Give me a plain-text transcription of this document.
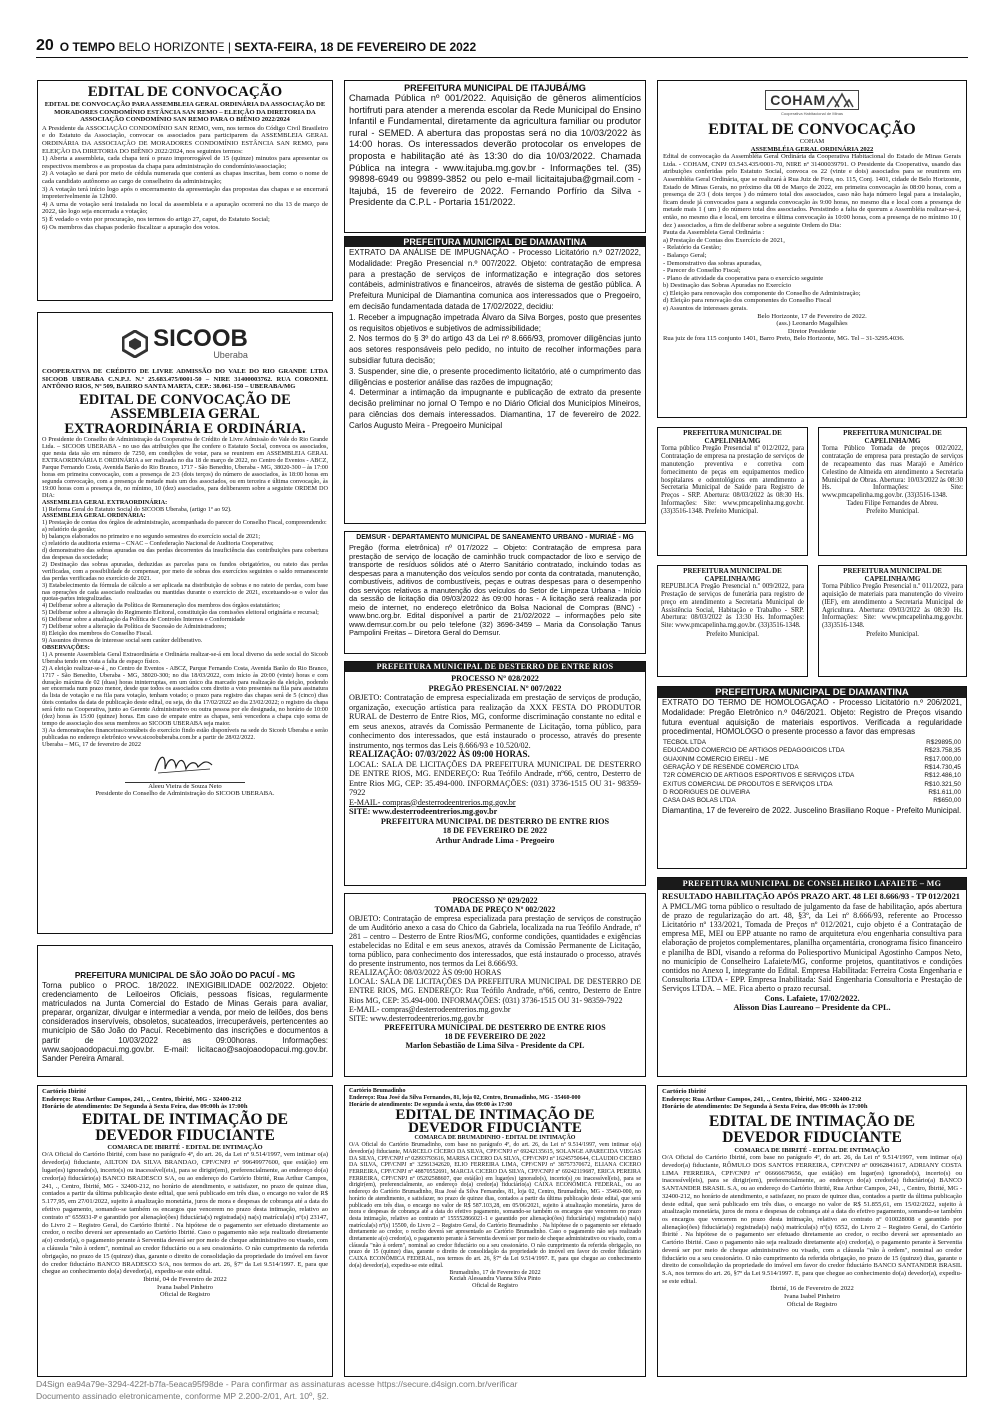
20 O TEMPO
BELO HORIZONTE | SEXTA-FEIRA, 18 DE FEVEREIRO DE 2022
EDITAL DE CONVOCAÇÃO
EDITAL DE CONVOCAÇÃO PARA ASSEMBLEIA GERAL ORDINÁRIA DA ASSOCIAÇÃO DE MORADORES CONDOMÍNIO ESTÂNCIA SAN REMO – ELEIÇÃO DA DIRETORIA DA ASSOCIAÇÃO CONDOMÍNIO SAN REMO PARA O BIÊNIO 2022/2024

A Presidente da ASSOCIAÇÃO CONDOMÍNIO SAN REMO, vem, nos termos do Código Civil Brasileiro e do Estatuto da Associação, convocar os associados para participarem da ASSEMBLEIA GERAL ORDINÁRIA DA ASSOCIAÇÃO DE MORADORES CONDOMÍNIO ESTÂNCIA SAN REMO, para ELEIÇÃO DA DIRETORIA DO BIÊNIO 2022/2024, nos seguintes termos:

1) Aberta a assembleia, cada chapa terá o prazo improrrogável de 15 (quinze) minutos para apresentar os respectivos membros e as propostas da chapa para administração do condomínio/associação;

2) A votação se dará por meio de cédula numerada que conterá as chapas inscritas, bem como o nome de cada candidato autônomo ao cargo de conselheiro da administração;

3) A votação terá início logo após o encerramento da apresentação das propostas das chapas e se encerrará impreterivelmente às 12h00.

4) A urna de votação será instalada no local da assembleia e a apuração ocorrerá no dia 13 de março de 2022, tão logo seja encerrada a votação;

5) É vedado o voto por procuração, nos termos do artigo 27, caput, do Estatuto Social;

6) Os membros das chapas poderão fiscalizar a apuração dos votos.

SICOOB
Uberaba
COOPERATIVA DE CRÉDITO DE LIVRE ADMISSÃO DO VALE DO RIO GRANDE LTDA SICOOB UBERABA C.N.P.J. N.º 25.683.475/0001-50 – NIRE 31400003762. RUA CORONEL ANTÔNIO RIOS, Nº 509, BAIRRO SANTA MARTA, CEP.: 38.061-150 – UBERABA/MG
EDITAL DE CONVOCAÇÃO DE ASSEMBLEIA GERAL EXTRAORDINÁRIA E ORDINÁRIA.

O Presidente do Conselho de Administração da Cooperativa de Crédito de Livre Admissão do Vale do Rio Grande Ltda. – SICOOB UBERABA - no uso das atribuições que lhe confere o Estatuto Social, convoca os associados, que nesta data são em número de 7250, em condições de votar, para se reunirem em ASSEMBLEIA GERAL EXTRAORDINÁRIA E ORDINÁRIA a ser realizada no dia 18 de março de 2022, no Centro de Eventos - ABCZ, Parque Fernando Costa, Avenida Barão do Rio Branco, 1717 - São Benedito, Uberaba - MG, 38020-300 – às 17:00 horas em primeira convocação, com a presença de 2/3 (dois terços) do número de associados, às 18:00 horas em segunda convocação, com a presença de metade mais um dos associados, ou em terceira e última convocação, às 19:00 horas com a presença de, no mínimo, 10 (dez) associados, para deliberarem sobre a seguinte ORDEM DO DIA:

ASSEMBLEIA GERAL EXTRAORDINÁRIA:

1) Reforma Geral do Estatuto Social do SICOOB Uberaba, (artigo 1º ao 92).

ASSEMBLEIA GERAL ORDINÁRIA:

1) Prestação de contas dos órgãos de administração, acompanhada do parecer do Conselho Fiscal, compreendendo:

a) relatório da gestão;

b) balanços elaborados no primeiro e no segundo semestres do exercício social de 2021;

c) relatório da auditoria externa – CNAC – Confederação Nacional de Auditoria Cooperativa;

d) demonstrativo das sobras apuradas ou das perdas decorrentes da insuficiência das contribuições para cobertura das despesas da sociedade;

2) Destinação das sobras apuradas, deduzidas as parcelas para os fundos obrigatórios, ou rateio das perdas verificadas, com a possibilidade de compensar, por meio de sobras dos exercícios seguintes o saldo remanescente das perdas verificadas no exercício de 2021.

3) Estabelecimento da fórmula de cálculo a ser aplicada na distribuição de sobras e no rateio de perdas, com base nas operações de cada associado realizadas ou mantidas durante o exercício de 2021, excetuando-se o valor das quotas-partes integralizadas.

4) Deliberar sobre a alteração da Política de Remuneração dos membros dos órgãos estatutários;

5) Deliberar sobre a alteração do Regimento Eleitoral, constituição das comissões eleitoral originária e recursal;

6) Deliberar sobre a atualização da Política de Controles Internos e Conformidade

7) Deliberar sobre a alteração da Política de Sucessão de Administradores;

8) Eleição dos membros do Conselho Fiscal.

9) Assuntos diversos de interesse social sem caráter deliberativo.

OBSERVAÇÕES:

1) A presente Assembleia Geral Extraordinária e Ordinária realizar-se-á em local diverso da sede social do Sicoob Uberaba tendo em vista a falta de espaço físico.

2) A eleição realizar-se-á , no Centro de Eventos - ABCZ, Parque Fernando Costa, Avenida Barão do Rio Branco, 1717 - São Benedito, Uberaba - MG, 38020-300; no dia 18/03/2022, com início às 20:00 (vinte) horas e com duração máxima de 02 (duas) horas ininterruptas, em um único dia marcado para realização da eleição, podendo ser encerrada num prazo menor, desde que todos os associados com direito a voto presentes na fila para assinatura da lista de votação e na fila para votação, tenham votado; o prazo para registro das chapas será de 5 (cinco) dias úteis contados da data de publicação deste edital, ou seja, do dia 17/02/2022 ao dia 23/02/2022; o registro da chapa será feito na Cooperativa, junto ao Gerente Administrativo ou outra pessoa por ele designada, no horário de 10:00 (dez) horas às 15:00 (quinze) horas. Em caso de empate entre as chapas, será vencedora a chapa cujo soma de tempo de associação dos seus membros ao SICOOB UBERABA seja maior.

3) As demonstrações financeiras/contábeis do exercício findo estão disponíveis na sede do Sicoob Uberaba e serão publicadas no endereço eletrônico www.sicoobuberaba.com.br a partir de 28/02/2022.

Uberaba – MG, 17 de fevereiro de 2022

Aleeu Vieira de Souza Neto
Presidente do Conselho de Administração do SICOOB UBERABA.
PREFEITURA MUNICIPAL DE SÃO JOÃO DO PACUÍ - MG
Torna publico o PROC. 18/2022. INEXIGIBILIDADE 002/2022. Objeto: credenciamento de Leiloeiros Oficiais, pessoas físicas, regularmente matriculados na Junta Comercial do Estado de Minas Gerais para avaliar, preparar, organizar, divulgar e intermediar a venda, por meio de leilões, dos bens considerados inservíveis, obsoletos, sucateados, irrecuperáveis, pertencentes ao município de São João do Pacuí. Recebimento das inscrições e documentos a partir de 10/03/2022 as 09:00horas. Informações: www.saojoaodopacui.mg.gov.br. E-mail: licitacao@saojoaodopacui.mg.gov.br. Sander Pereira Amaral.
PREFEITURA MUNICIPAL DE ITAJUBÁ/MG
Chamada Pública nº 001/2022. Aquisição de gêneros alimentícios hortifruti para atender a merenda escolar da Rede Municipal do Ensino Infantil e Fundamental, diretamente da agricultura familiar ou produtor rural - SEMED. A abertura das propostas será no dia 10/03/2022 às 14:00 horas. Os interessados deverão protocolar os envelopes de proposta e habilitação até às 13:30 do dia 10/03/2022. Chamada Pública na integra - www.itajuba.mg.gov.br - Informações tel. (35) 99898-6949 ou 99899-3852 ou pelo e-mail licitaitajuba@gmail.com - Itajubá, 15 de fevereiro de 2022. Fernando Porfírio da Silva - Presidente da C.P.L - Portaria 151/2022.
PREFEITURA MUNICIPAL DE DIAMANTINA

EXTRATO DA ANÁLISE DE IMPUGNAÇÃO - Processo Licitatório n.º 027/2022, Modalidade: Pregão Presencial n.º 007/2022. Objeto: contratação de empresa para a prestação de serviços de informatização e integração dos setores contábeis, administrativos e financeiros, através de sistema de gestão pública. A Prefeitura Municipal de Diamantina comunica aos interessados que o Pregoeiro, em decisão fundamentada datada de 17/02/2022, decidiu:

1. Receber a impugnação impetrada Álvaro da Silva Borges, posto que presentes os requisitos objetivos e subjetivos de admissibilidade;

2. Nos termos do § 3º do artigo 43 da Lei nº 8.666/93, promover diligências junto aos setores responsáveis pelo pedido, no intuito de recolher informações para subsidiar futura decisão;

3. Suspender, sine die, o presente procedimento licitatório, até o cumprimento das diligências e posterior análise das razões de impugnação;

4. Determinar a intimação da impugnante e publicação de extrato da presente decisão preliminar no jornal O Tempo e no Diário Oficial dos Municípios Mineiros, para ciências dos demais interessados. Diamantina, 17 de fevereiro de 2022. Carlos Augusto Meira - Pregoeiro Municipal

DEMSUR - DEPARTAMENTO MUNICIPAL DE SANEAMENTO URBANO - MURIAÉ - MG
Pregão (forma eletrônica) nº 017/2022 – Objeto: Contratação de empresa para prestação de serviço de locação de caminhão truck compactador de lixo e serviço de transporte de resíduos sólidos até o Aterro Sanitário contratado, incluindo todas as despesas para a manutenção dos veículos sendo por conta da contratada, manutenção, combustíveis, aditivos de combustíveis, peças e outras despesas para o desempenho dos serviços relativos a manutenção dos veículos do Setor de Limpeza Urbana - Início da sessão de licitação dia 09/03/2022 às 09:00 horas - A licitação será realizada por meio de internet, no endereço eletrônico da Bolsa Nacional de Compras (BNC) - www.bnc.org.br. Edital disponível a partir de 21/02/2022 – informações pelo site www.demsur.com.br ou pelo telefone (32) 3696-3459 – Maria da Consolação Tanus Pampolini Freitas – Diretora Geral do Demsur.
PREFEITURA MUNICIPAL DE DESTERRO DE ENTRE RIOS
PROCESSO Nº 028/2022
PREGÃO PRESENCIAL Nº 007/2022
OBJETO: Contratação de empresa especializada em prestação de serviços de produção, organização, execução artística para realização da XXX FESTA DO PRODUTOR RURAL de Desterro de Entre Rios, MG, conforme discriminação constante no edital e em seus anexos, através da Comissão Permanente de Licitação, torna público, para conhecimento dos interessados, que está instaurado o processo, através do presente instrumento, nos termos das Leis 8.666/93 e 10.520/02.
REALIZAÇÃO: 07/03/2022 ÀS 09:00 HORAS.
LOCAL: SALA DE LICITAÇÕES DA PREFEITURA MUNICIPAL DE DESTERRO DE ENTRE RIOS, MG. ENDEREÇO: Rua Teófilo Andrade, nº66, centro, Desterro de Entre Rios MG, CEP: 35.494-000. INFORMAÇÕES: (031) 3736-1515 OU 31- 98359-7922
E-MAIL- compras@desterrodeentrerios.mg.gov.br
SITE: www.desterrodeentrerios.mg.gov.br
PREFEITURA MUNICIPAL DE DESTERRO DE ENTRE RIOS
18 DE FEVEREIRO DE 2022
Arthur Andrade Lima - Pregoeiro
PROCESSO Nº 029/2022
TOMADA DE PREÇO Nº 002/2022
OBJETO: Contratação de empresa especializada para prestação de serviços de construção de um Auditório anexo a casa do Chico da Gabriela, localizada na rua Teófilo Andrade, nº 281 – centro – Desterro de Entre Rios/MG, conforme condições, quantidades e exigências estabelecidas no Edital e em seus anexos, através da Comissão Permanente de Licitação, torna público, para conhecimento dos interessados, que está instaurado o processo, através do presente instrumento, nos termos da Lei 8.666/93.
REALIZAÇÃO: 08/03/2022 ÀS 09:00 HORAS
LOCAL: SALA DE LICITAÇÕES DA PREFEITURA MUNICIPAL DE DESTERRO DE ENTRE RIOS, MG. ENDEREÇO: Rua Teófilo Andrade, nº66, centro, Desterro de Entre Rios MG, CEP: 35.494-000. INFORMAÇÕES: (031) 3736-1515 OU 31- 98359-7922
E-MAIL- compras@desterrodeentrerios.mg.gov.br
SITE: www.desterrodeentrerios.mg.gov.br
PREFEITURA MUNICIPAL DE DESTERRO DE ENTRE RIOS
18 DE FEVEREIRO DE 2022
Marlon Sebastião de Lima Silva - Presidente da CPL
COHAM
Cooperativa Habitacional de Minas
EDITAL DE CONVOCAÇÃO
COHAM
ASSEMBLÉIA GERAL ORDINÁRIA 2022

Edital de convocação da Assembléia Geral Ordinária da Cooperativa Habitacional do Estado de Minas Gerais Ltda. - COHAM, CNPJ 03.543.435/0001-70, NIRE nº 31400039791. O Presidente da Cooperativa, usando das atribuições conferidas pelo Estatuto Social, convoca os 22 (vinte e dois) associados para se reunirem em Assembléia Geral Ordinária, que se realizará à Rua Juiz de Fora, no. 115, Conj. 1401, cidade de Belo Horizonte, Estado de Minas Gerais, no próximo dia 08 de Março de 2022, em primeira convocação às 08:00 horas, com a presença de 2/3 ( dois terços ) do número total dos associados, caso não haja número legal para a instalação, ficam desde já convocados para a segunda convocação às 9:00 horas, no mesmo dia e local com a presença de metade mais 1 ( um ) do número total dos associados. Persistindo a falta de quorum a Assembléia realizar-se-á, então, no mesmo dia e local, em terceira e última convocação às 10:00 horas, com a presença de no mínimo 10 ( dez ) associados, a fim de deliberar sobre a seguinte Ordem do Dia:

Pauta da Assembleia Geral Ordinária :

a) Prestação de Contas dos Exercício de 2021,

- Relatório da Gestão;

- Balanço Geral;

- Demonstrativo das sobras apuradas,

- Parecer do Conselho Fiscal;

- Plano de atividade da cooperativa para o exercício seguinte

b) Destinação das Sobras Apuradas no Exercício

c) Eleição para renovação dos componente do Conselho de Administração;

d) Eleição para renovação dos componentes do Conselho Fiscal

e) Assuntos de interesses gerais.

Belo Horizonte, 17 de Fevereiro de 2022.

(ass.) Leonardo Magalhães

Diretor Presidente

Rua juiz de fora 115 conjunto 1401, Barro Preto, Belo Horizonte, MG. Tel – 31-3295.4036.

PREFEITURA MUNICIPAL DE CAPELINHA/MG
Torna público Pregão Presencial nº 012/2022, para Contratação de empresa na prestação de serviços de manutenção preventiva e corretiva com fornecimento de peças em equipamentos medico hospitalares e odontológicos em atendimento a Secretaria Municipal de Saúde para Registro de Preços - SRP. Abertura: 08/03/2022 às 08:30 Hs. Informações: Site: www.pmcapelinha.mg.gov.br. (33)3516-1348. Prefeito Municipal.
PREFEITURA MUNICIPAL DE CAPELINHA/MG
Torna Público Tomada de preços 002/2022, contratação de empresa para prestação de serviços de recapeamento das ruas Marajó e Américo Celestino de Almeida em atendimento a Secretaria Municipal de Obras. Abertura: 10/03/2022 às 08:30 Hs. Informações: Site: www.pmcapelinha.mg.gov.br. (33)3516-1348.
Tadeu Filipe Fernandes de Abreu.
Prefeito Municipal.
PREFEITURA MUNICIPAL DE CAPELINHA/MG
REPUBLICA Pregão Presencial n.º 009/2022, para Prestação de serviços de funerária para registro de preço em atendimento a Secretaria Municipal de Assistência Social, Habitação e Trabalho - SRP. Abertura: 08/03/2022 às 13:30 Hs. Informações: Site: www.pmcapelinha.mg.gov.br. (33)3516-1348.
Prefeito Municipal.
PREFEITURA MUNICIPAL DE CAPELINHA/MG
Torna Público Pregão Presencial n.º 011/2022, para aquisição de materiais para manutenção do viveiro (IEF), em atendimento a Secretaria Municipal de Agricultura. Abertura: 09/03/2022 às 08:30 Hs. Informações: Site: www.pmcapelinha.mg.gov.br. (33)3516-1348.
Prefeito Municipal.
PREFEITURA MUNICIPAL DE DIAMANTINA
EXTRATO DO TERMO DE HOMOLOGAÇÃO - Processo Licitatório n.º 206/2021, Modalidade: Pregão Eletrônico n.º 046/2021. Objeto: Registro de Preços visando futura eventual aquisição de materiais esportivos. Verificada a regularidade procedimental, HOMOLOGO o presente processo a favor das empresas
TECBOL LTDA	R$29895,00
EDUCANDO COMERCIO DE ARTIGOS PEDAGOGICOS LTDA	R$23.758,35
GUAXINIM COMERCIO EIRELI - ME	R$17.000,00
GERAÇÃO Y DE RESENDE COMERCIO LTDA	R$14.730,45
T2R COMERCIO DE ARTIGOS ESPORTIVOS E SERVIÇOS LTDA	R$12.486,10
EXITUS COMERCIAL DE PRODUTOS E SERVIÇOS LTDA	R$10.321,50
D RODRIGUES DE OLIVEIRA	R$1.611,00
CASA DAS BOLAS LTDA	R$650,00
Diamantina, 17 de fevereiro de 2022. Juscelino Brasiliano Roque - Prefeito Municipal.
PREFEITURA MUNICIPAL DE CONSELHEIRO LAFAIETE – MG
RESULTADO HABILITAÇÃO APÓS PRAZO ART. 48 LEI 8.666/93 - TP 012/2021
A PMCL/MG torna público o resultado de julgamento da fase de habilitação, após abertura de prazo de regularização do art. 48, §3º, da Lei nº 8.666/93, referente ao Processo Licitatório nº 133/2021, Tomada de Preços nº 012/2021, cujo objeto é a Contratação de empresa ME, MEI ou EPP atuante no ramo de arquitetura e/ou engenharia consultiva para elaboração de projetos complementares, planilha orçamentária, cronograma físico financeiro e planilha de BDI, visando a reforma do Poliesportivo Municipal Agostinho Campos Neto, no município de Conselheiro Lafaiete/MG, conforme projetos, quantitativos e condições contidos no Anexo I, integrante do Edital. Empresa Habilitada: Ferreira Costa Engenharia e Consultoria LTDA - EPP. Empresa Inabilitada: Said Engenharia Consultoria e Prestação de Serviços LTDA. – ME. Fica aberto o prazo recursal.
Cons. Lafaiete, 17/02/2022.
Alisson Dias Laureano – Presidente da CPL.
Cartório Ibirité
Endereço: Rua Arthur Campos, 241, ., Centro, Ibirité, MG - 32400-212
Horário de atendimento: De Segunda à Sexta Feira, das 09:00h às 17:00h
EDITAL DE INTIMAÇÃO DE DEVEDOR FIDUCIANTE
COMARCA DE IBIRITÉ - EDITAL DE INTIMAÇÃO
O/A Oficial do Cartório Ibirité, com base no parágrafo 4º, do art. 26, da Lei nº 9.514/1997, vem intimar o(a) devedor(a) fiduciante, AILTON DA SILVA BRANDAO, CPF/CNPJ nº 99649977600, que está(ão) em lugar(es) ignorado(s), incerto(s) ou inacessível(eis), para se dirigir(em), preferencialmente, ao endereço do(a) credor(a) fiduciário(a) BANCO BRADESCO S/A, ou ao endereço do Cartório Ibirité, Rua Arthur Campos, 241, ., Centro, Ibirité, MG - 32400-212, no horário de atendimento, e satisfazer, no prazo de quinze dias, contados a partir da última publicação deste edital, que será publicado em três dias, o encargo no valor de R$ 5.177,95, em 27/01/2022, sujeito à atualização monetária, juros de mora e despesas de cobrança até a data do efetivo pagamento, somando-se também os encargos que vencerem no prazo desta intimação, relativo ao contrato nº 655931-P e garantido por alienação(ões) fiduciária(s) registrada(s) na(s) matrícula(s) nº(s) 23147, do Livro 2 – Registro Geral, do Cartório Ibirité . Na hipótese de o pagamento ser efetuado diretamente ao credor, o recibo deverá ser apresentado ao Cartório Ibirité. Caso o pagamento não seja realizado diretamente a(o) credor(a), o pagamento perante à Serventia deverá ser por meio de cheque administrativo ou visado, com a cláusula "não à ordem", nominal ao credor fiduciário ou a seu cessionário. O não cumprimento da referida obrigação, no prazo de 15 (quinze) dias, garante o direito de consolidação da propriedade do imóvel em favor do credor fiduciário BANCO BRADESCO S/A, nos termos do art. 26, §7º da Lei 9.514/1997. E, para que chegue ao conhecimento do(a) devedor(a), expediu-se este edital.
Ibirité, 04 de Fevereiro de 2022
Ivana Isabel Pinheiro
Oficial de Registro
Cartório Brumadinho
Endereço: Rua José da Silva Fernandes, 81, loja 02, Centro, Brumadinho, MG - 35460-000
Horário de atendimento: De segunda à sexta, das 09:00 às 17:00
EDITAL DE INTIMAÇÃO DE DEVEDOR FIDUCIANTE
COMARCA DE BRUMADINHO - EDITAL DE INTIMAÇÃO
O/A Oficial do Cartório Brumadinho, com base no parágrafo 4º, do art. 26, da Lei nº 9.514/1997, vem intimar o(a) devedor(a) fiduciante, MARCELO CÍCERO DA SILVA, CPF/CNPJ nº 69242135615, SOLANGE APARECIDA VIEGAS DA SILVA, CPF/CNPJ nº 02993793616, MARISA CICERO DA SILVA, CPF/CNPJ nº 16245750644, CLAUDIO CICERO DA SILVA, CPF/CNPJ nº 32561342620, ELIO FERREIRA LIMA, CPF/CNPJ nº 38757370672, ELIANA CICERO FERREIRA, CPF/CNPJ nº 48870552691, MARCIA CICERO DA SILVA, CPF/CNPJ nº 69242119687, ERICA PEREIRA FERREIRA, CPF/CNPJ nº 05202588607, que está(ão) em lugar(es) ignorado(s), incerto(s) ou inacessível(eis), para se dirigir(em), preferencialmente, ao endereço do(a) credor(a) fiduciário(a) CAIXA ECONÔMICA FEDERAL, ou ao endereço do Cartório Brumadinho, Rua José da Silva Fernandes, 81, loja 02, Centro, Brumadinho, MG - 35460-000, no horário de atendimento, e satisfazer, no prazo de quinze dias, contados a partir da última publicação deste edital, que será publicado em três dias, o encargo no valor de R$ 587.103,28, em 05/06/2021, sujeito à atualização monetária, juros de mora e despesas de cobrança até a data do efetivo pagamento, somando-se também os encargos que vencerem no prazo desta intimação, relativo ao contrato nº 155552866021-1 e garantido por alienação(ões) fiduciária(s) registrada(s) na(s) matrícula(s) nº(s) 15500, do Livro 2 – Registro Geral, do Cartório Brumadinho . Na hipótese de o pagamento ser efetuado diretamente ao credor, o recibo deverá ser apresentado ao Cartório Brumadinho. Caso o pagamento não seja realizado diretamente a(o) credor(a), o pagamento perante à Serventia deverá ser por meio de cheque administrativo ou visado, com a cláusula "não à ordem", nominal ao credor fiduciário ou a seu cessionário. O não cumprimento da referida obrigação, no prazo de 15 (quinze) dias, garante o direito de consolidação da propriedade do imóvel em favor do credor fiduciário CAIXA ECONÔMICA FEDERAL, nos termos do art. 26, §7º da Lei 9.514/1997. E, para que chegue ao conhecimento do(a) devedor(a), expediu-se este edital.
Brumadinho, 17 de Fevereiro de 2022
Keziah Alessandra Vianna Silva Pinto
Oficial de Registro
Cartório Ibirité
Endereço: Rua Arthur Campos, 241, ., Centro, Ibirité, MG - 32400-212
Horário de atendimento: De Segunda à Sexta Feira, das 09:00h às 17:00h
EDITAL DE INTIMAÇÃO DE DEVEDOR FIDUCIANTE
COMARCA DE IBIRITÉ - EDITAL DE INTIMAÇÃO
O/A Oficial do Cartório Ibirité, com base no parágrafo 4º, do art. 26, da Lei nº 9.514/1997, vem intimar o(a) devedor(a) fiduciante, RÔMULO DOS SANTOS FERREIRA, CPF/CNPJ nº 00962841617, ADRIANY COSTA LIMA FERREIRA, CPF/CNPJ nº 06666679656, que está(ão) em lugar(es) ignorado(s), incerto(s) ou inacessível(eis), para se dirigir(em), preferencialmente, ao endereço do(a) credor(a) fiduciário(a) BANCO SANTANDER BRASIL S.A, ou ao endereço do Cartório Ibirité, Rua Arthur Campos, 241, ., Centro, Ibirité, MG - 32400-212, no horário de atendimento, e satisfazer, no prazo de quinze dias, contados a partir da última publicação deste edital, que será publicado em três dias, o encargo no valor de R$ 51.855,61, em 15/02/2022, sujeito à atualização monetária, juros de mora e despesas de cobrança até a data do efetivo pagamento, somando-se também os encargos que vencerem no prazo desta intimação, relativo ao contrato nº 010028008 e garantido por alienação(ões) fiduciária(s) registrada(s) na(s) matrícula(s) nº(s) 6552, do Livro 2 – Registro Geral, do Cartório Ibirité . Na hipótese de o pagamento ser efetuado diretamente ao credor, o recibo deverá ser apresentado ao Cartório Ibirité. Caso o pagamento não seja realizado diretamente a(o) credor(a), o pagamento perante à Serventia deverá ser por meio de cheque administrativo ou visado, com a cláusula "não à ordem", nominal ao credor fiduciário ou a seu cessionário. O não cumprimento da referida obrigação, no prazo de 15 (quinze) dias, garante o direito de consolidação da propriedade do imóvel em favor do credor fiduciário BANCO SANTANDER BRASIL S.A, nos termos do art. 26, §7º da Lei 9.514/1997. E, para que chegue ao conhecimento do(a) devedor(a), expediu-se este edital.
Ibirité, 16 de Fevereiro de 2022
Ivana Isabel Pinheiro
Oficial de Registro
D4Sign ea94a79e-3294-422f-b7fa-5eaca95f98de - Para confirmar as assinaturas acesse https://secure.d4sign.com.br/verificar
Documento assinado eletronicamente, conforme MP 2.200-2/01, Art. 10º, §2.
